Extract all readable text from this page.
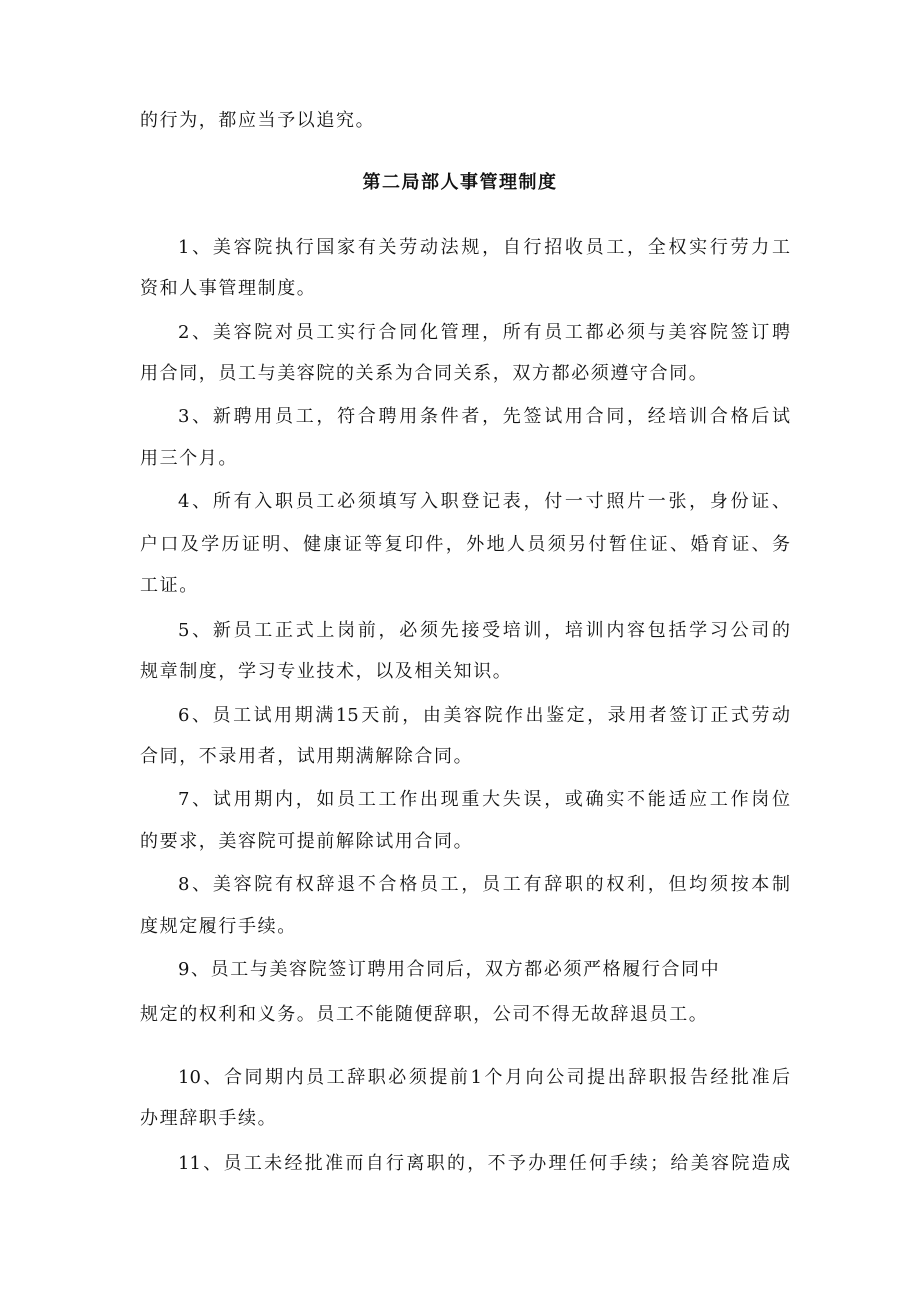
的行为，都应当予以追究。
第二局部人事管理制度
1、美容院执行国家有关劳动法规，自行招收员工，全权实行劳力工
资和人事管理制度。
2、美容院对员工实行合同化管理，所有员工都必须与美容院签订聘
用合同，员工与美容院的关系为合同关系，双方都必须遵守合同。
3、新聘用员工，符合聘用条件者，先签试用合同，经培训合格后试
用三个月。
4、所有入职员工必须填写入职登记表，付一寸照片一张，身份证、
户口及学历证明、健康证等复印件，外地人员须另付暂住证、婚育证、务
工证。
5、新员工正式上岗前，必须先接受培训，培训内容包括学习公司的
规章制度，学习专业技术，以及相关知识。
6、员工试用期满15天前，由美容院作出鉴定，录用者签订正式劳动
合同，不录用者，试用期满解除合同。
7、试用期内，如员工工作出现重大失误，或确实不能适应工作岗位
的要求，美容院可提前解除试用合同。
8、美容院有权辞退不合格员工，员工有辞职的权利，但均须按本制
度规定履行手续。
9、员工与美容院签订聘用合同后，双方都必须严格履行合同中
规定的权利和义务。员工不能随便辞职，公司不得无故辞退员工。
10、合同期内员工辞职必须提前1个月向公司提出辞职报告经批准后
办理辞职手续。
11、员工未经批准而自行离职的，不予办理任何手续；给美容院造成
